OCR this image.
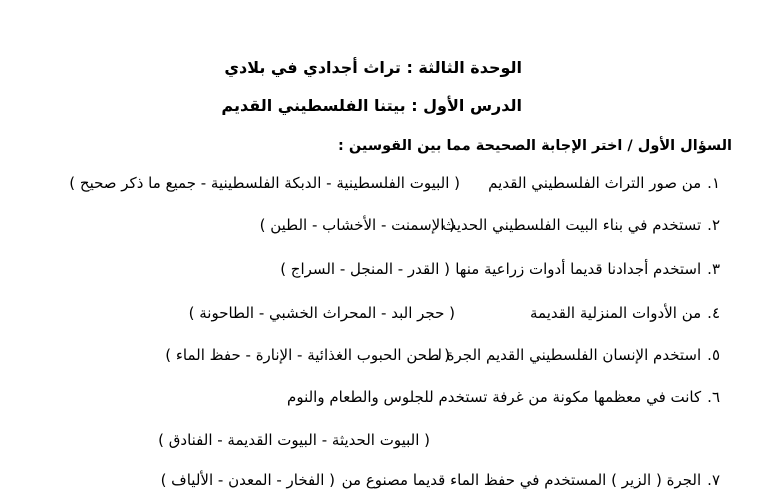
الوحدة الثالثة : تراث أجدادي في بلادي
الدرس الأول : بيتنا الفلسطيني القديم
السؤال الأول / اختر الإجابة الصحيحة مما بين القوسين :
١.من صور التراث الفلسطيني القديم
( البيوت الفلسطينية - الدبكة الفلسطينية - جميع ما ذكر صحيح )
٢.تستخدم في بناء البيت الفلسطيني الحديث
( الإسمنت - الأخشاب - الطين )
٣.استخدم أجدادنا قديما أدوات زراعية منها
( القدر - المنجل - السراج )
٤.من الأدوات المنزلية القديمة
( حجر البد - المحراث الخشبي - الطاحونة )
٥.استخدم الإنسان الفلسطيني القديم الجرة لـ
( طحن الحبوب الغذائية - الإنارة - حفظ الماء )
٦.كانت في معظمها مكونة من غرفة تستخدم للجلوس والطعام والنوم
( البيوت الحديثة - البيوت القديمة - الفنادق )
٧.الجرة ( الزير ) المستخدم في حفظ الماء قديما مصنوع من
( الفخار - المعدن - الألياف )
